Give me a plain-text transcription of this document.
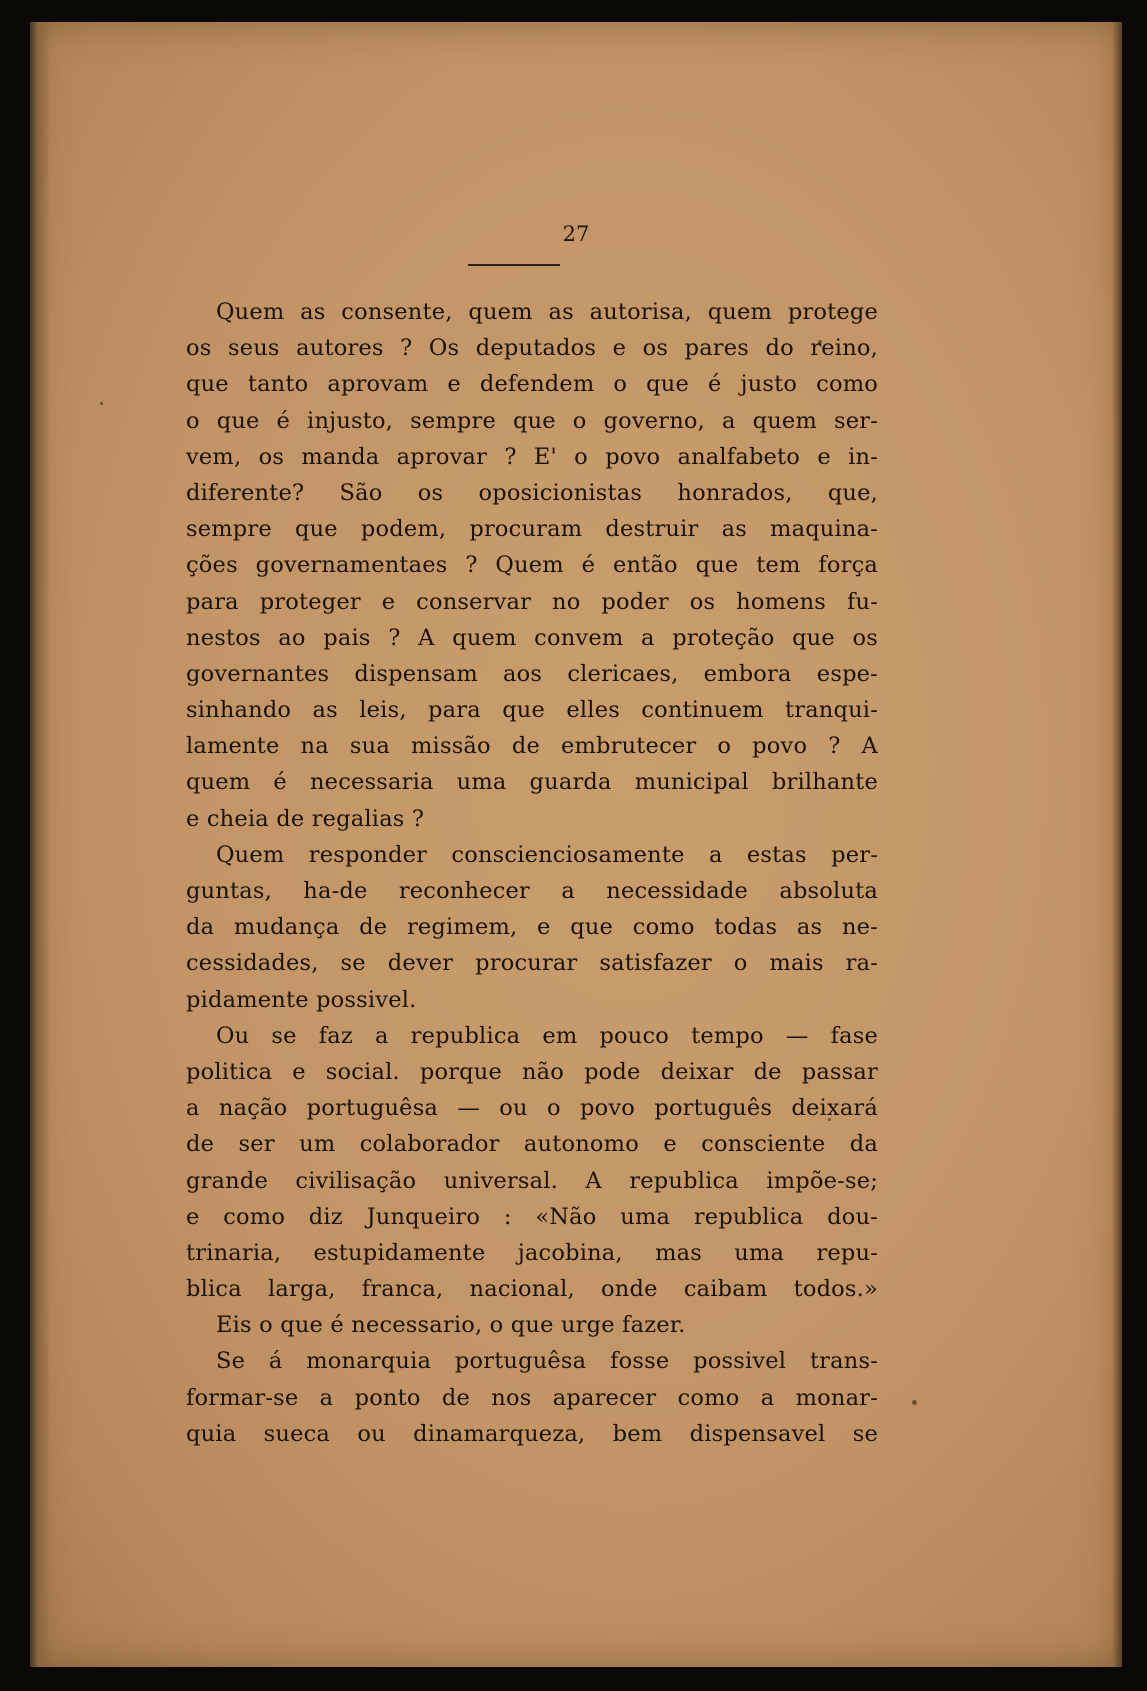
27
Quem as consente, quem as autorisa, quem protege
os seus autores ? Os deputados e os pares do reino,
que tanto aprovam e defendem o que é justo como
o que é injusto, sempre que o governo, a quem ser-
vem, os manda aprovar ? E' o povo analfabeto e in-
diferente? São os oposicionistas honrados, que,
sempre que podem, procuram destruir as maquina-
ções governamentaes ? Quem é então que tem força
para proteger e conservar no poder os homens fu-
nestos ao pais ? A quem convem a proteção que os
governantes dispensam aos clericaes, embora espe-
sinhando as leis, para que elles continuem tranqui-
lamente na sua missão de embrutecer o povo ? A
quem é necessaria uma guarda municipal brilhante
e cheia de regalias ?
Quem responder conscienciosamente a estas per-
guntas, ha-de reconhecer a necessidade absoluta
da mudança de regimem, e que como todas as ne-
cessidades, se dever procurar satisfazer o mais ra-
pidamente possivel.
Ou se faz a republica em pouco tempo — fase
politica e social. porque não pode deixar de passar
a nação portuguêsa — ou o povo português deixará
de ser um colaborador autonomo e consciente da
grande civilisação universal. A republica impõe-se;
e como diz Junqueiro : «Não uma republica dou-
trinaria, estupidamente jacobina, mas uma repu-
blica larga, franca, nacional, onde caibam todos.»
Eis o que é necessario, o que urge fazer.
Se á monarquia portuguêsa fosse possivel trans-
formar-se a ponto de nos aparecer como a monar-
quia sueca ou dinamarqueza, bem dispensavel se
